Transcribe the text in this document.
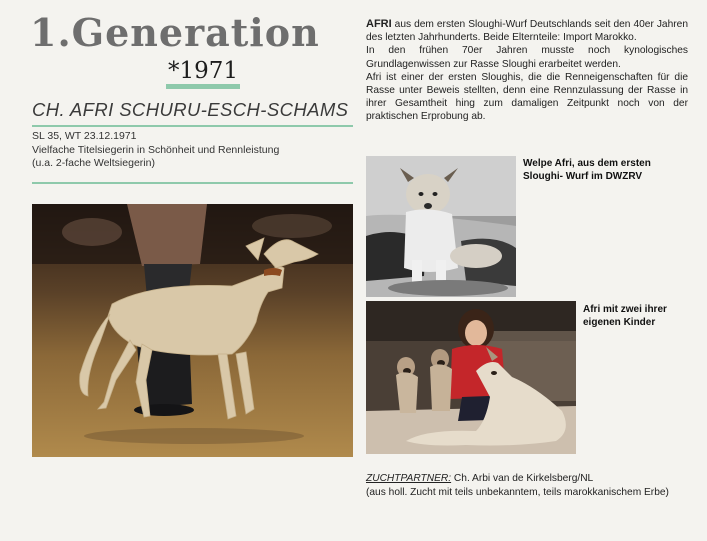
1.Generation
*1971
CH. AFRI SCHURU-ESCH-SCHAMS
SL 35, WT 23.12.1971
Vielfache Titelsiegerin in Schönheit und Rennleistung
(u.a. 2-fache Weltsiegerin)

AFRI aus dem ersten Sloughi-Wurf Deutschlands seit den 40er Jahren des letzten Jahrhunderts. Beide Elternteile: Import Marokko.

In den frühen 70er Jahren musste noch kynologisches Grundlagenwissen zur Rasse Sloughi erarbeitet werden.

Afri ist einer der ersten Sloughis, die die Renneigenschaften für die Rasse unter Beweis stellten, denn eine Rennzulassung der Rasse in ihrer Gesamtheit hing zum damaligen Zeitpunkt noch von der praktischen Erprobung ab.

Welpe Afri, aus dem ersten Sloughi- Wurf im DWZRV
Afri mit zwei ihrer eigenen Kinder
ZUCHTPARTNER: Ch. Arbi van de Kirkelsberg/NL
(aus holl. Zucht mit teils unbekanntem, teils marokkanischem Erbe)
